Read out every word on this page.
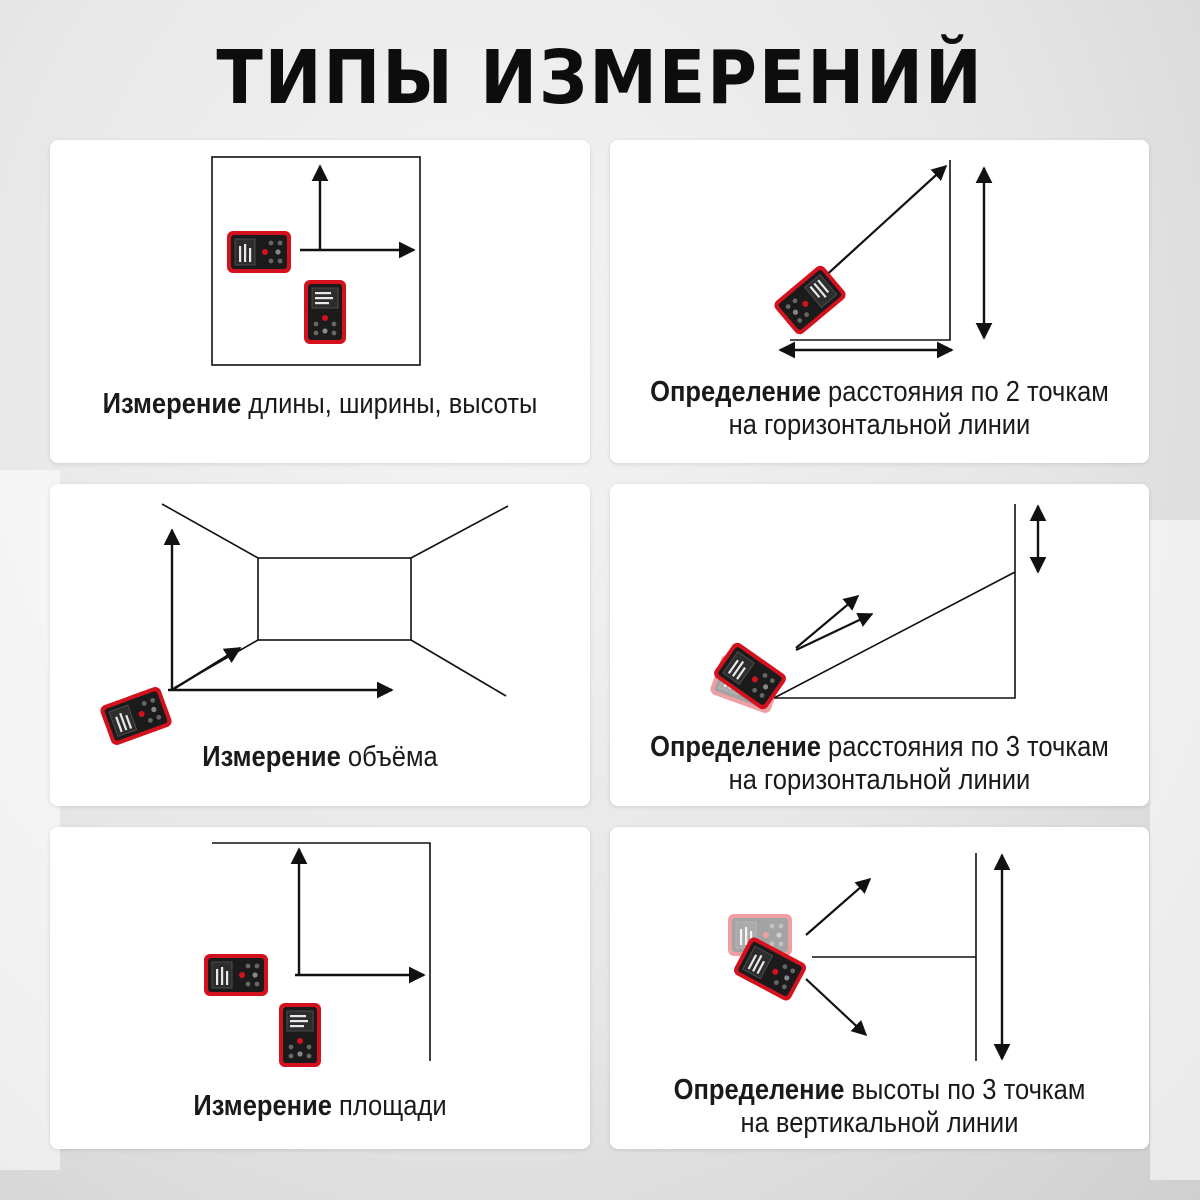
ТИПЫ ИЗМЕРЕНИЙ
Измерение длины, ширины, высоты	Определение расстояния по 2 точкам
на горизонтальной линии
Измерение объёма	Определение расстояния по 3 точкам
на горизонтальной линии
Измерение площади	Определение высоты по 3 точкам
на вертикальной линии
